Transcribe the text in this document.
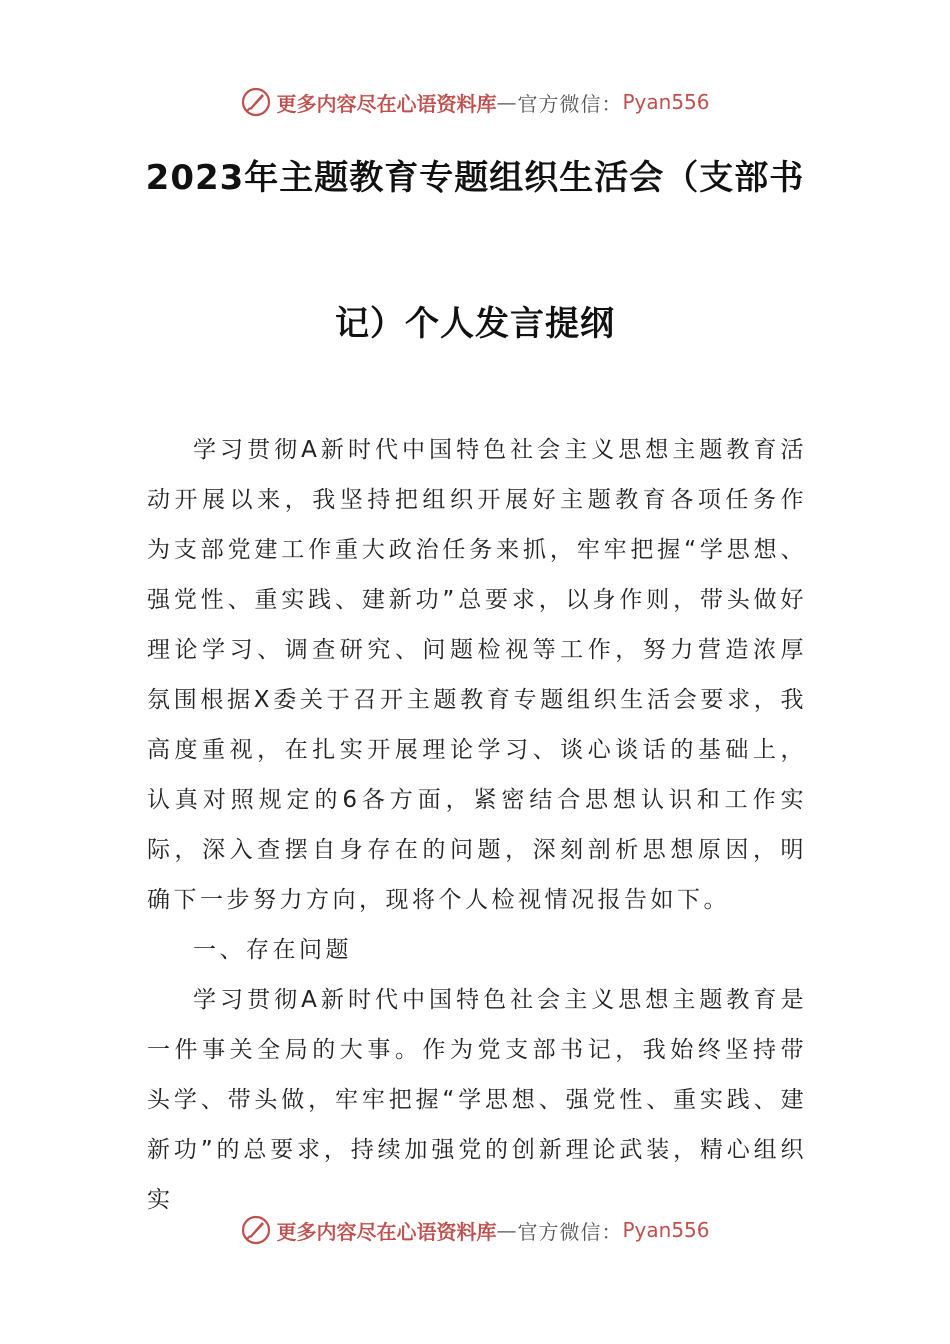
更多内容尽在心语资料库 — 官方微信： Pyan556
2023年主题教育专题组织生活会（支部书
记）个人发言提纲

学习贯彻A新时代中国特色社会主义思想主题教育活动开展以来，我坚持把组织开展好主题教育各项任务作为支部党建工作重大政治任务来抓，牢牢把握“学思想、强党性、重实践、建新功”总要求，以身作则，带头做好理论学习、调查研究、问题检视等工作，努力营造浓厚氛围根据X委关于召开主题教育专题组织生活会要求，我高度重视，在扎实开展理论学习、谈心谈话的基础上，认真对照规定的6各方面，紧密结合思想认识和工作实际，深入查摆自身存在的问题，深刻剖析思想原因，明确下一步努力方向，现将个人检视情况报告如下。

一、存在问题

学习贯彻A新时代中国特色社会主义思想主题教育是一件事关全局的大事。作为党支部书记，我始终坚持带头学、带头做，牢牢把握“学思想、强党性、重实践、建新功”的总要求，持续加强党的创新理论武装，精心组织实

更多内容尽在心语资料库 — 官方微信： Pyan556
